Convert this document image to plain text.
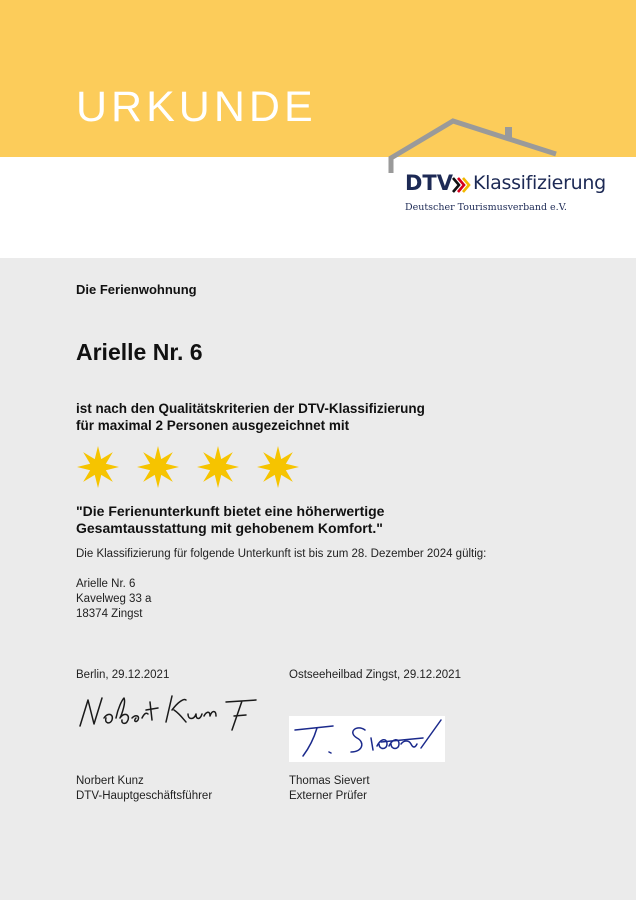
URKUNDE
DTV Klassifizierung
Deutscher Tourismusverband e.V.

Die Ferienwohnung

Arielle Nr. 6

ist nach den Qualitätskriterien der DTV-Klassifizierung
für maximal 2 Personen ausgezeichnet mit

"Die Ferienunterkunft bietet eine höherwertige
Gesamtausstattung mit gehobenem Komfort."

Die Klassifizierung für folgende Unterkunft ist bis zum 28. Dezember 2024 gültig:

Arielle Nr. 6
Kavelweg 33 a
18374 Zingst

Berlin, 29.12.2021	Ostseeheilbad Zingst, 29.12.2021
Norbert Kunz
DTV-Hauptgeschäftsführer
Thomas Sievert
Externer Prüfer
